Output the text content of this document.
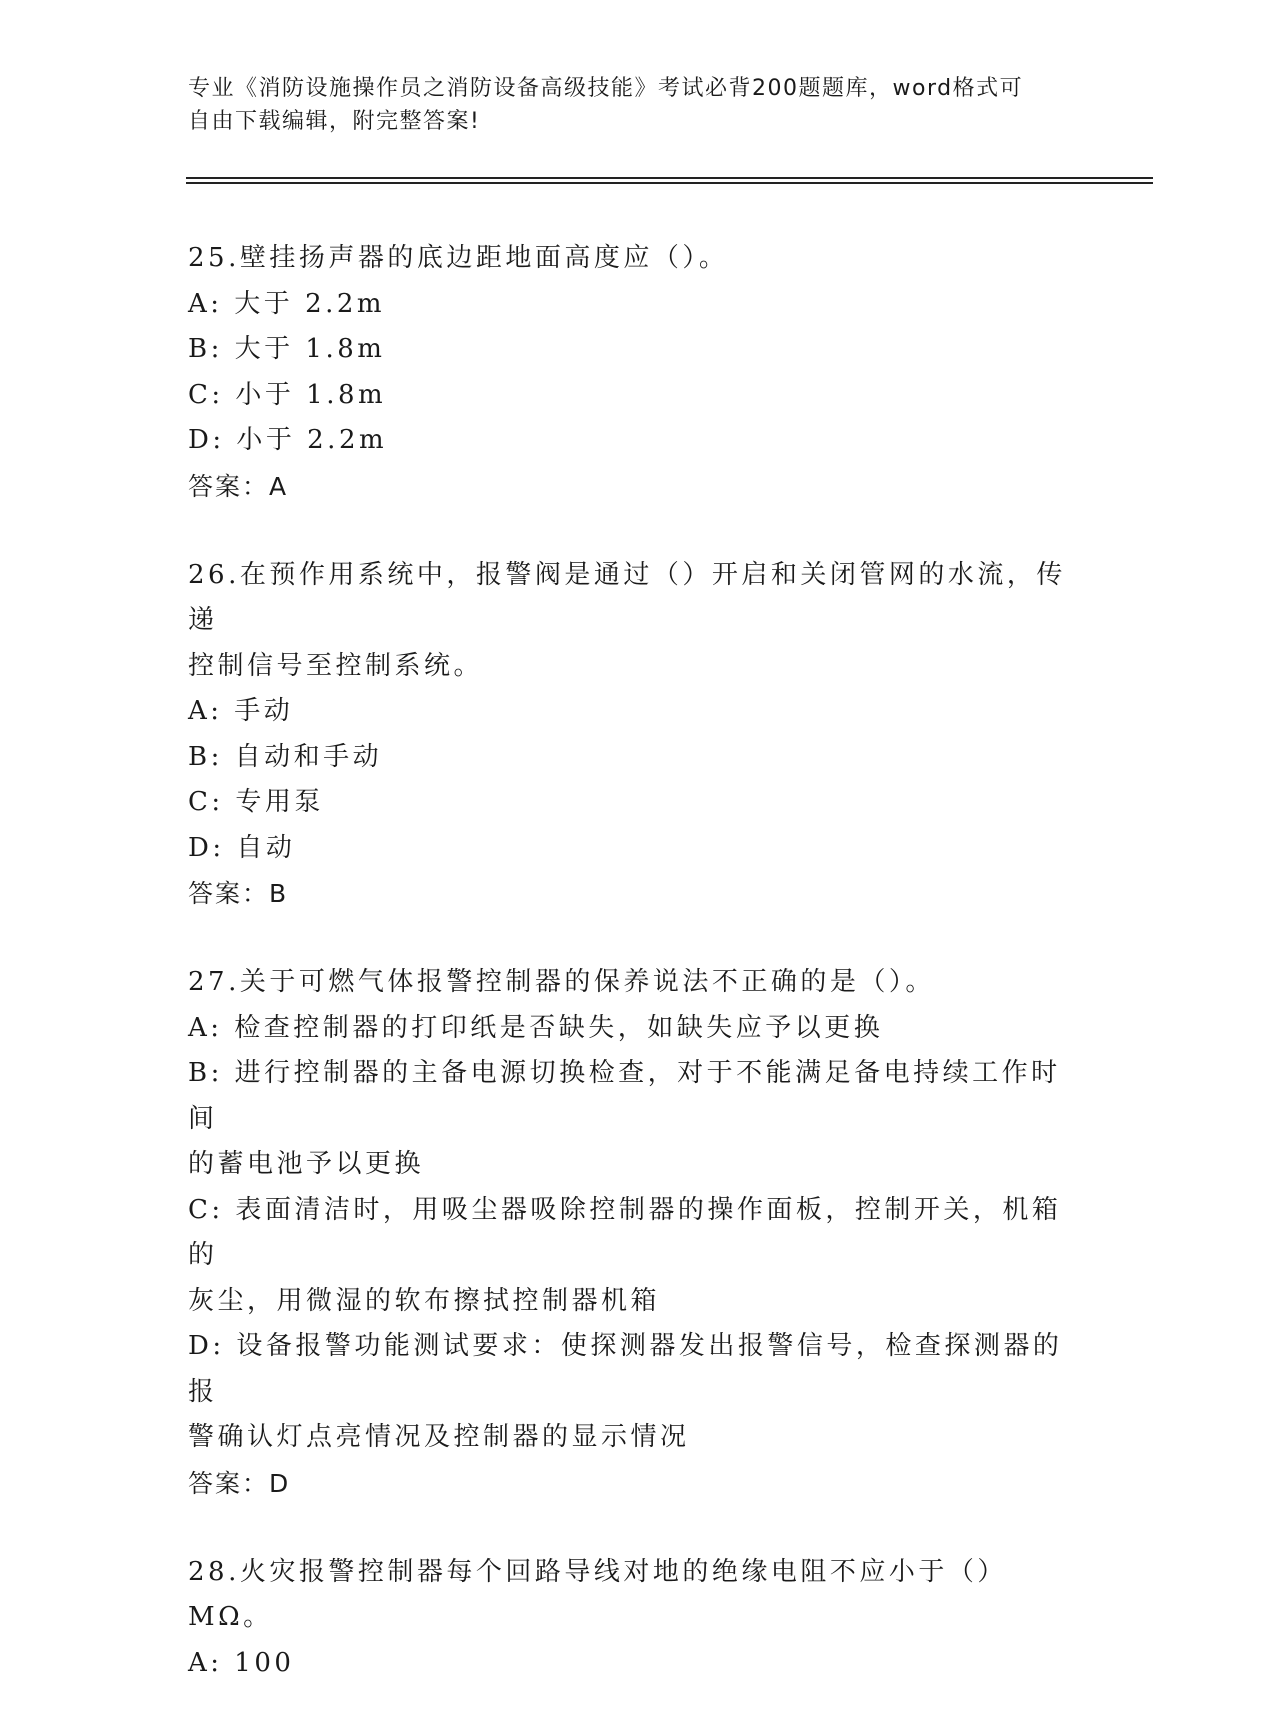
专业《消防设施操作员之消防设备高级技能》考试必背200题题库，word格式可
自由下载编辑，附完整答案!
25.壁挂扬声器的底边距地面高度应（）。
A: 大于 2.2m
B: 大于 1.8m
C: 小于 1.8m
D: 小于 2.2m
答案：A
26.在预作用系统中，报警阀是通过（）开启和关闭管网的水流，传递
控制信号至控制系统。
A: 手动
B: 自动和手动
C: 专用泵
D: 自动
答案：B
27.关于可燃气体报警控制器的保养说法不正确的是（）。
A: 检查控制器的打印纸是否缺失，如缺失应予以更换
B: 进行控制器的主备电源切换检查，对于不能满足备电持续工作时间
的蓄电池予以更换
C: 表面清洁时，用吸尘器吸除控制器的操作面板，控制开关，机箱的
灰尘，用微湿的软布擦拭控制器机箱
D: 设备报警功能测试要求：使探测器发出报警信号，检查探测器的报
警确认灯点亮情况及控制器的显示情况
答案：D
28.火灾报警控制器每个回路导线对地的绝缘电阻不应小于（）MΩ。
A: 100
